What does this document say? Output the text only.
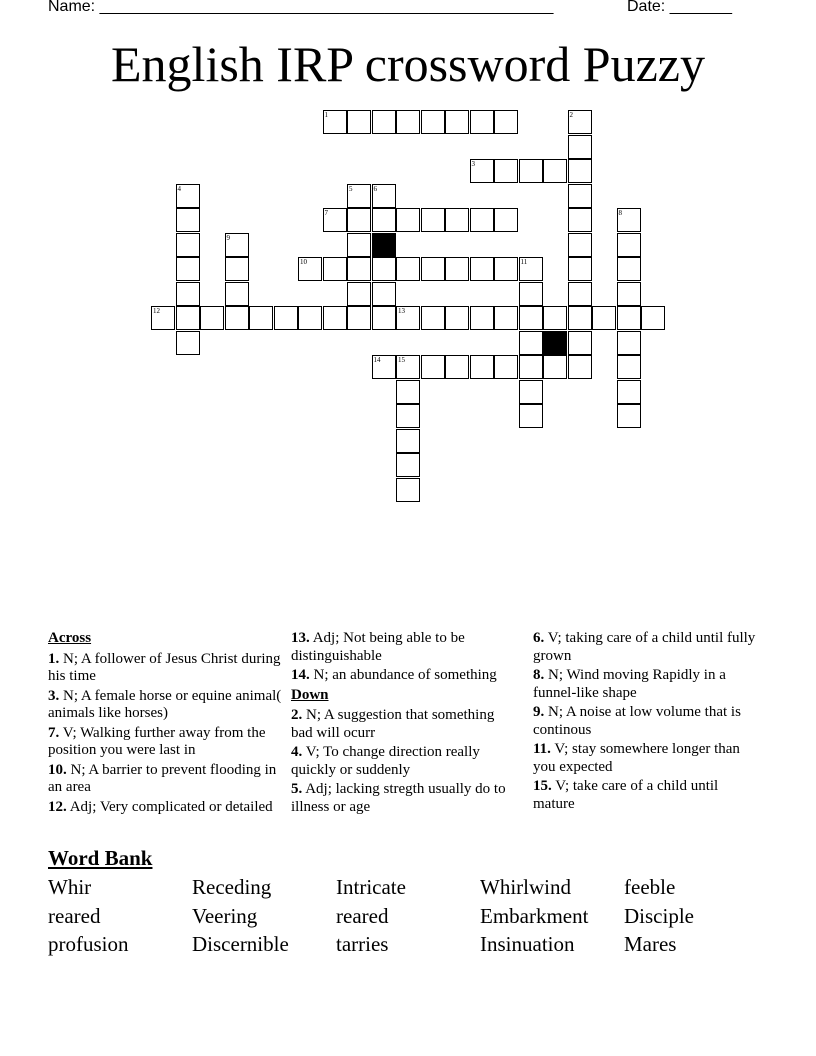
Name: ___________________________________________________	Date: _______
English IRP crossword Puzzy
1	2
3
4	5	6
7	8
9
10	11
12	13
14	15
Across
1. N; A follower of Jesus Christ during his time
3. N; A female horse or equine animal( animals like horses)
7. V; Walking further away from the position you were last in
10. N; A barrier to prevent flooding in an area
12. Adj; Very complicated or detailed
13. Adj; Not being able to be distinguishable
14. N; an abundance of something
Down
2. N; A suggestion that something bad will ocurr
4. V; To change direction really quickly or suddenly
5. Adj; lacking stregth usually do to illness or age
6. V; taking care of a child until fully grown
8. N; Wind moving Rapidly in a funnel-like shape
9. N; A noise at low volume that is continous
11. V; stay somewhere longer than you expected
15. V; take care of a child until mature
Word Bank
Whir	Receding	Intricate	Whirlwind	feeble
reared	Veering	reared	Embarkment Disciple
profusion	Discernible tarries	Insinuation Mares
